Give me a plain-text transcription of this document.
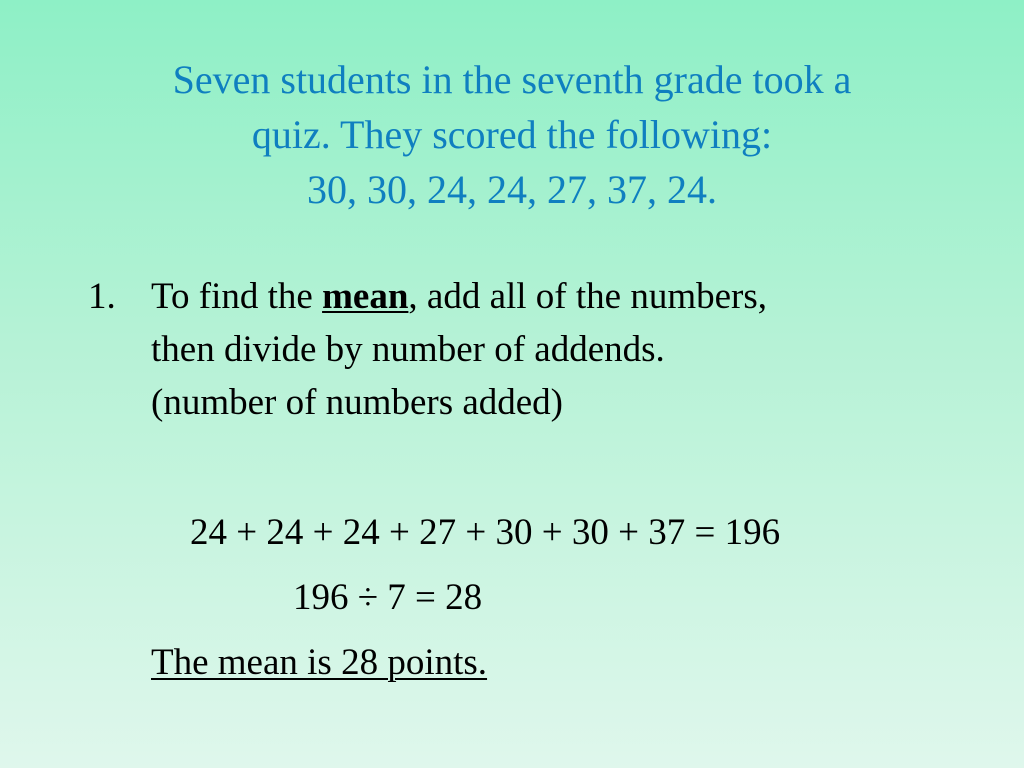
Seven students in the seventh grade took a
quiz. They scored the following:
30, 30, 24, 24, 27, 37, 24.
1. To find the mean, add all of the numbers,
then divide by number of addends.
(number of numbers added)
24 + 24 + 24 + 27 + 30 + 30 + 37 = 196
196 ÷ 7 = 28
The mean is 28 points.
